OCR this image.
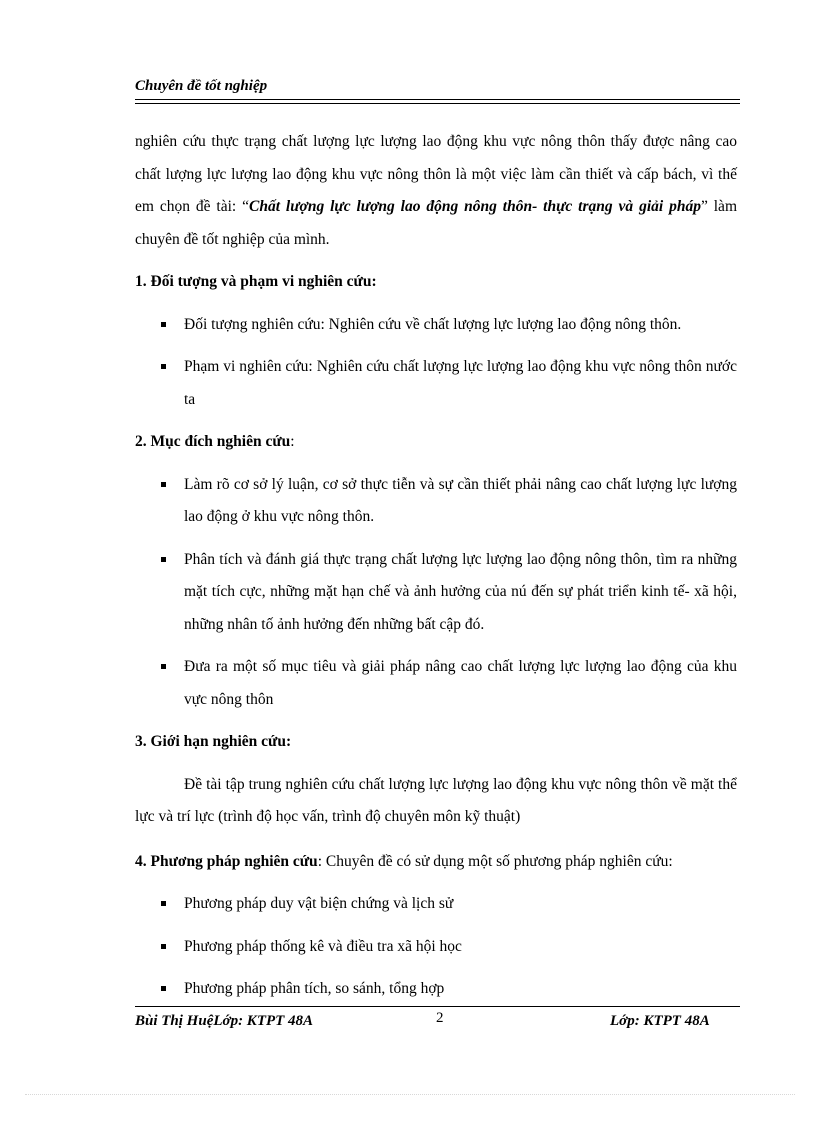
Chuyên đề tốt nghiệp

nghiên cứu thực trạng chất lượng lực lượng lao động khu vực nông thôn thấy được nâng cao chất lượng lực lượng lao động khu vực nông thôn là một việc làm cần thiết và cấp bách, vì thế em chọn đề tài: “Chất lượng lực lượng lao động nông thôn- thực trạng và giải pháp” làm chuyên đề tốt nghiệp của mình.

1. Đối tượng và phạm vi nghiên cứu:

Đối tượng nghiên cứu: Nghiên cứu về chất lượng lực lượng lao động nông thôn.

Phạm vi nghiên cứu: Nghiên cứu chất lượng lực lượng lao động khu vực nông thôn nước ta

2. Mục đích nghiên cứu:

Làm rõ cơ sở lý luận, cơ sở thực tiễn và sự cần thiết phải nâng cao chất lượng lực lượng lao động ở khu vực nông thôn.

Phân tích và đánh giá thực trạng chất lượng lực lượng lao động nông thôn, tìm ra những mặt tích cực, những mặt hạn chế và ảnh hưởng của nú đến sự phát triển kinh tế- xã hội, những nhân tố ảnh hưởng đến những bất cập đó.

Đưa ra một số mục tiêu và giải pháp nâng cao chất lượng lực lượng lao động của khu vực nông thôn

3. Giới hạn nghiên cứu:

Đề tài tập trung nghiên cứu chất lượng lực lượng lao động khu vực nông thôn về mặt thể lực và trí lực (trình độ học vấn, trình độ chuyên môn kỹ thuật)

4. Phương pháp nghiên cứu: Chuyên đề có sử dụng một số phương pháp nghiên cứu:

Phương pháp duy vật biện chứng và lịch sử

Phương pháp thống kê và điều tra xã hội học

Phương pháp phân tích, so sánh, tổng hợp

Bùi Thị HuệLớp: KTPT 48A	2	Lớp: KTPT 48A
